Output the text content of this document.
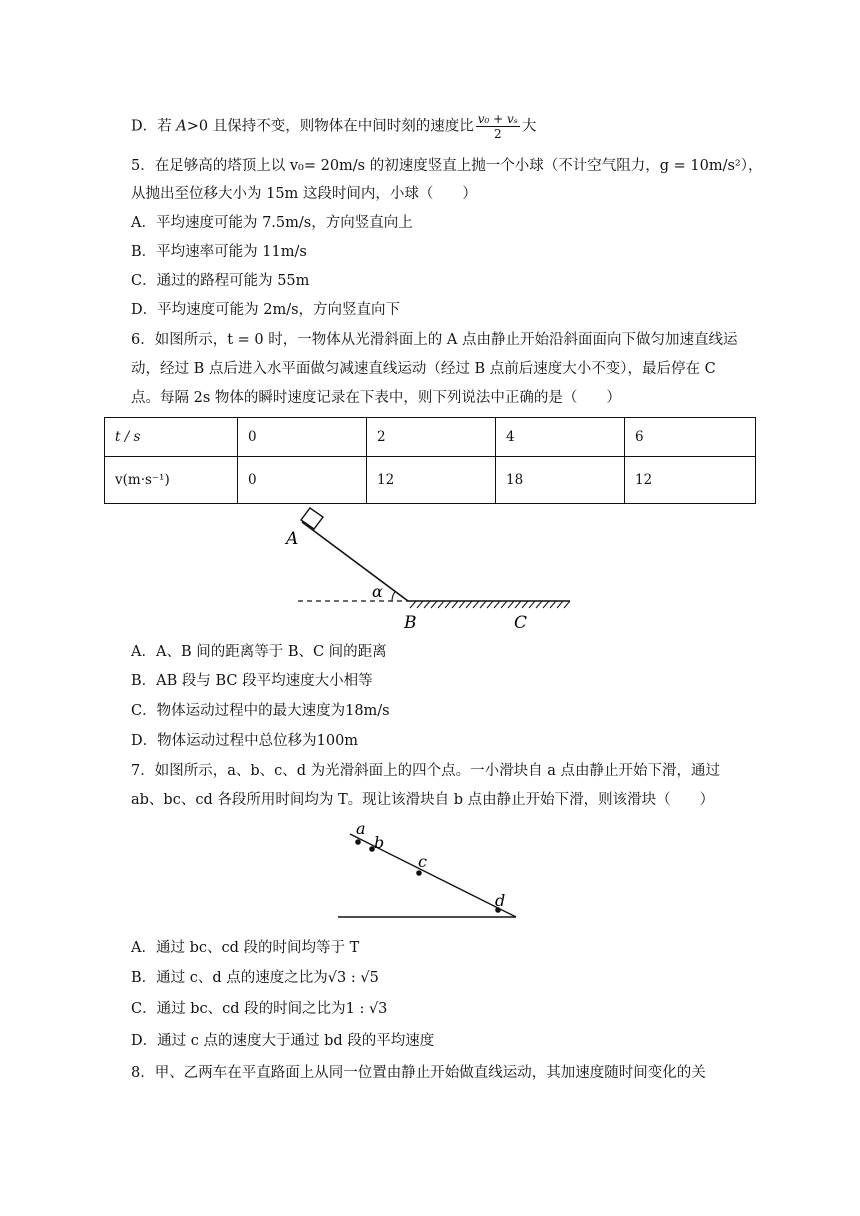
D．若 A>0 且保持不变，则物体在中间时刻的速度比 $\frac{\text{v₀ + vₛ}}{2}$ 大
5．在足够高的塔顶上以 v₀= 20m/s 的初速度竖直上抛一个小球（不计空气阻力，g = 10m/s²），
从抛出至位移大小为 15m 这段时间内，小球（　　）
A．平均速度可能为 7.5m/s，方向竖直向上
B．平均速率可能为 11m/s
C．通过的路程可能为 55m
D．平均速度可能为 2m/s，方向竖直向下
6．如图所示，t = 0 时，一物体从光滑斜面上的 A 点由静止开始沿斜面面向下做匀加速直线运
动，经过 B 点后进入水平面做匀减速直线运动（经过 B 点前后速度大小不变），最后停在 C
点。每隔 2s 物体的瞬时速度记录在下表中，则下列说法中正确的是（　　）
t / s	0	2	4	6
v(m·s⁻¹)	0	12	18	12
A
α
B	C
A．A、B 间的距离等于 B、C 间的距离
B．AB 段与 BC 段平均速度大小相等
C．物体运动过程中的最大速度为18m/s
D．物体运动过程中总位移为100m
7．如图所示，a、b、c、d 为光滑斜面上的四个点。一小滑块自 a 点由静止开始下滑，通过
ab、bc、cd 各段所用时间均为 T。现让该滑块自 b 点由静止开始下滑，则该滑块（　　）
a
b
c
d
A．通过 bc、cd 段的时间均等于 T
B．通过 c、d 点的速度之比为√3 : √5
C．通过 bc、cd 段的时间之比为1 : √3
D．通过 c 点的速度大于通过 bd 段的平均速度
8．甲、乙两车在平直路面上从同一位置由静止开始做直线运动，其加速度随时间变化的关
